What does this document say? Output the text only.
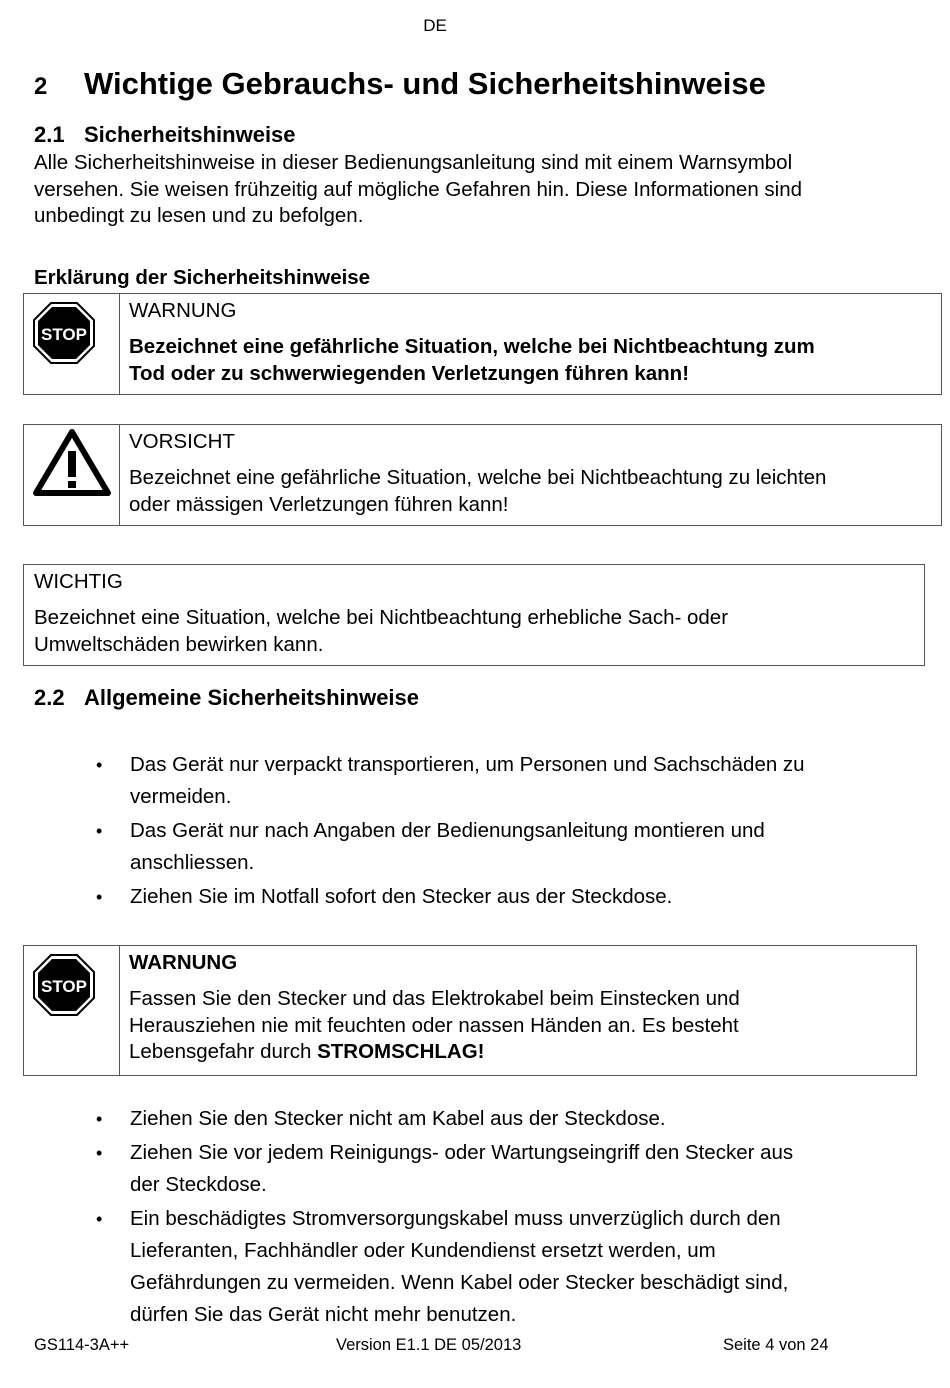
DE
2 Wichtige Gebrauchs- und Sicherheitshinweise
2.1 Sicherheitshinweise
Alle Sicherheitshinweise in dieser Bedienungsanleitung sind mit einem Warnsymbol
versehen. Sie weisen frühzeitig auf mögliche Gefahren hin. Diese Informationen sind
unbedingt zu lesen und zu befolgen.
Erklärung der Sicherheitshinweise
STOP
WARNUNG
Bezeichnet eine gefährliche Situation, welche bei Nichtbeachtung zum
Tod oder zu schwerwiegenden Verletzungen führen kann!
VORSICHT
Bezeichnet eine gefährliche Situation, welche bei Nichtbeachtung zu leichten
oder mässigen Verletzungen führen kann!
WICHTIG
Bezeichnet eine Situation, welche bei Nichtbeachtung erhebliche Sach- oder
Umweltschäden bewirken kann.
2.2 Allgemeine Sicherheitshinweise
• Das Gerät nur verpackt transportieren, um Personen und Sachschäden zu
vermeiden.
• Das Gerät nur nach Angaben der Bedienungsanleitung montieren und
anschliessen.
• Ziehen Sie im Notfall sofort den Stecker aus der Steckdose.
STOP
WARNUNG
Fassen Sie den Stecker und das Elektrokabel beim Einstecken und
Herausziehen nie mit feuchten oder nassen Händen an. Es besteht
Lebensgefahr durch STROMSCHLAG!
• Ziehen Sie den Stecker nicht am Kabel aus der Steckdose.
• Ziehen Sie vor jedem Reinigungs- oder Wartungseingriff den Stecker aus
der Steckdose.
• Ein beschädigtes Stromversorgungskabel muss unverzüglich durch den
Lieferanten, Fachhändler oder Kundendienst ersetzt werden, um
Gefährdungen zu vermeiden. Wenn Kabel oder Stecker beschädigt sind,
dürfen Sie das Gerät nicht mehr benutzen.
GS114-3A++	Version E1.1 DE 05/2013	Seite 4 von 24
